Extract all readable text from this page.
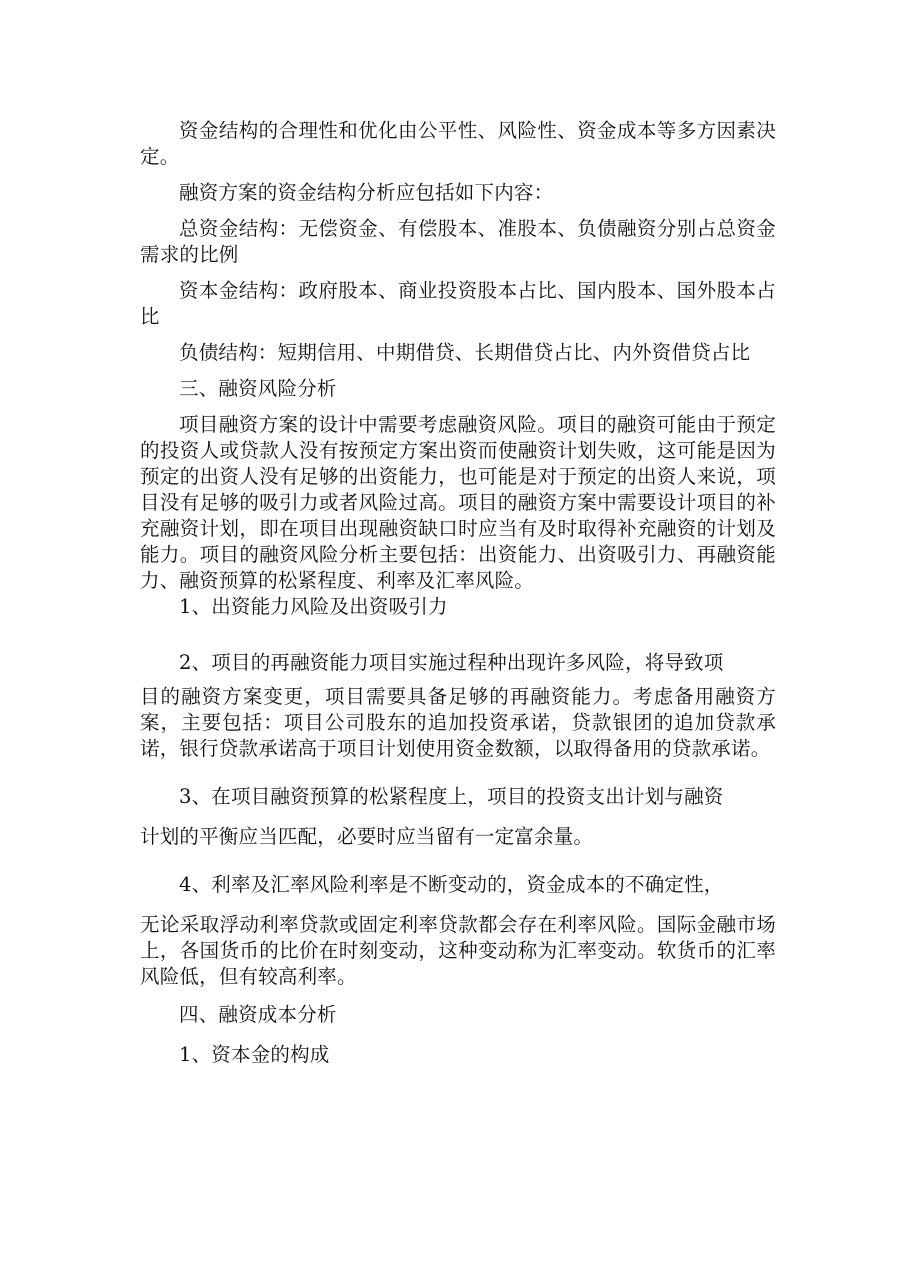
资金结构的合理性和优化由公平性、风险性、资金成本等多方因素决定。

融资方案的资金结构分析应包括如下内容：

总资金结构：无偿资金、有偿股本、准股本、负债融资分别占总资金需求的比例

资本金结构：政府股本、商业投资股本占比、国内股本、国外股本占比

负债结构：短期信用、中期借贷、长期借贷占比、内外资借贷占比

三、融资风险分析

项目融资方案的设计中需要考虑融资风险。项目的融资可能由于预定的投资人或贷款人没有按预定方案出资而使融资计划失败，这可能是因为预定的出资人没有足够的出资能力，也可能是对于预定的出资人来说，项目没有足够的吸引力或者风险过高。项目的融资方案中需要设计项目的补充融资计划，即在项目出现融资缺口时应当有及时取得补充融资的计划及能力。项目的融资风险分析主要包括：出资能力、出资吸引力、再融资能力、融资预算的松紧程度、利率及汇率风险。

1、出资能力风险及出资吸引力

2、项目的再融资能力项目实施过程种出现许多风险，将导致项

目的融资方案变更，项目需要具备足够的再融资能力。考虑备用融资方案，主要包括：项目公司股东的追加投资承诺，贷款银团的追加贷款承诺，银行贷款承诺高于项目计划使用资金数额，以取得备用的贷款承诺。

3、在项目融资预算的松紧程度上，项目的投资支出计划与融资

计划的平衡应当匹配，必要时应当留有一定富余量。

4、利率及汇率风险利率是不断变动的，资金成本的不确定性，

无论采取浮动利率贷款或固定利率贷款都会存在利率风险。国际金融市场上，各国货币的比价在时刻变动，这种变动称为汇率变动。软货币的汇率风险低，但有较高利率。

四、融资成本分析

1、资本金的构成
